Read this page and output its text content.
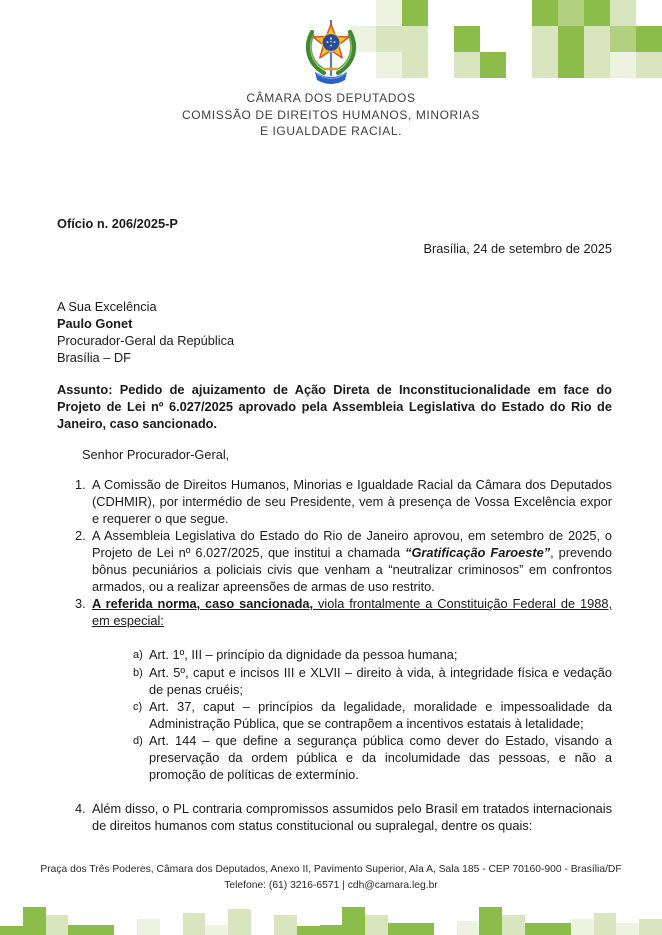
CÂMARA DOS DEPUTADOS
COMISSÃO DE DIREITOS HUMANOS, MINORIAS
E IGUALDADE RACIAL.
Ofício n. 206/2025-P
Brasília, 24 de setembro de 2025
A Sua Excelência
Paulo Gonet
Procurador-Geral da República
Brasília – DF
Assunto: Pedido de ajuizamento de Ação Direta de Inconstitucionalidade em face do Projeto de Lei nº 6.027/2025 aprovado pela Assembleia Legislativa do Estado do Rio de Janeiro, caso sancionado.
Senhor Procurador-Geral,
1. A Comissão de Direitos Humanos, Minorias e Igualdade Racial da Câmara dos Deputados (CDHMIR), por intermédio de seu Presidente, vem à presença de Vossa Excelência expor e requerer o que segue.
2. A Assembleia Legislativa do Estado do Rio de Janeiro aprovou, em setembro de 2025, o Projeto de Lei nº 6.027/2025, que institui a chamada “Gratificação Faroeste”, prevendo bônus pecuniários a policiais civis que venham a “neutralizar criminosos” em confrontos armados, ou a realizar apreensões de armas de uso restrito.
3. A referida norma, caso sancionada, viola frontalmente a Constituição Federal de 1988, em especial:
a) Art. 1º, III – princípio da dignidade da pessoa humana;
b) Art. 5º, caput e incisos III e XLVII – direito à vida, à integridade física e vedação de penas cruéis;
c) Art. 37, caput – princípios da legalidade, moralidade e impessoalidade da Administração Pública, que se contrapõem a incentivos estatais à letalidade;
d) Art. 144 – que define a segurança pública como dever do Estado, visando a preservação da ordem pública e da incolumidade das pessoas, e não a promoção de políticas de extermínio.
4. Além disso, o PL contraria compromissos assumidos pelo Brasil em tratados internacionais de direitos humanos com status constitucional ou supralegal, dentre os quais:
Praça dos Três Poderes, Câmara dos Deputados, Anexo II, Pavimento Superior, Ala A, Sala 185 - CEP 70160-900 - Brasília/DF
Telefone: (61) 3216-6571 | cdh@camara.leg.br
